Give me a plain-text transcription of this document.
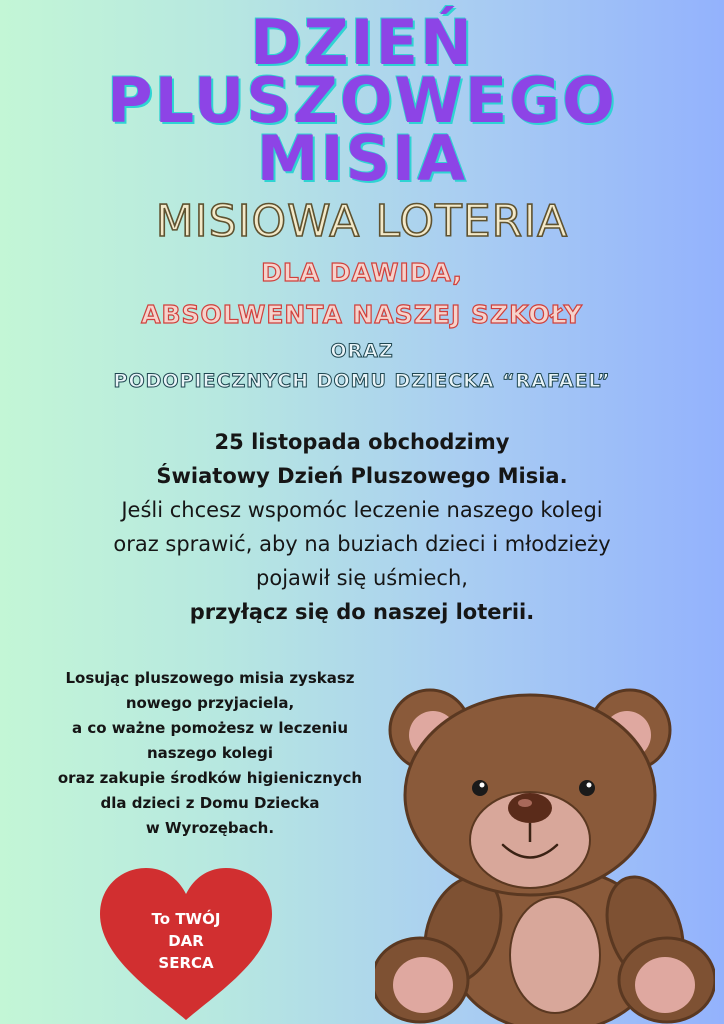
DZIEŃ
PLUSZOWEGO
MISIA
MISIOWA LOTERIA
DLA DAWIDA,
ABSOLWENTA NASZEJ SZKOŁY
ORAZ
PODOPIECZNYCH DOMU DZIECKA “RAFAEL”
25 listopada obchodzimy
Światowy Dzień Pluszowego Misia.
Jeśli chcesz wspomóc leczenie naszego kolegi
oraz sprawić, aby na buziach dzieci i młodzieży
pojawił się uśmiech,
przyłącz się do naszej loterii.
Losując pluszowego misia zyskasz
nowego przyjaciela,
a co ważne pomożesz w leczeniu
naszego kolegi
oraz zakupie środków higienicznych
dla dzieci z Domu Dziecka
w Wyrozębach.
To TWÓJ
DAR
SERCA
